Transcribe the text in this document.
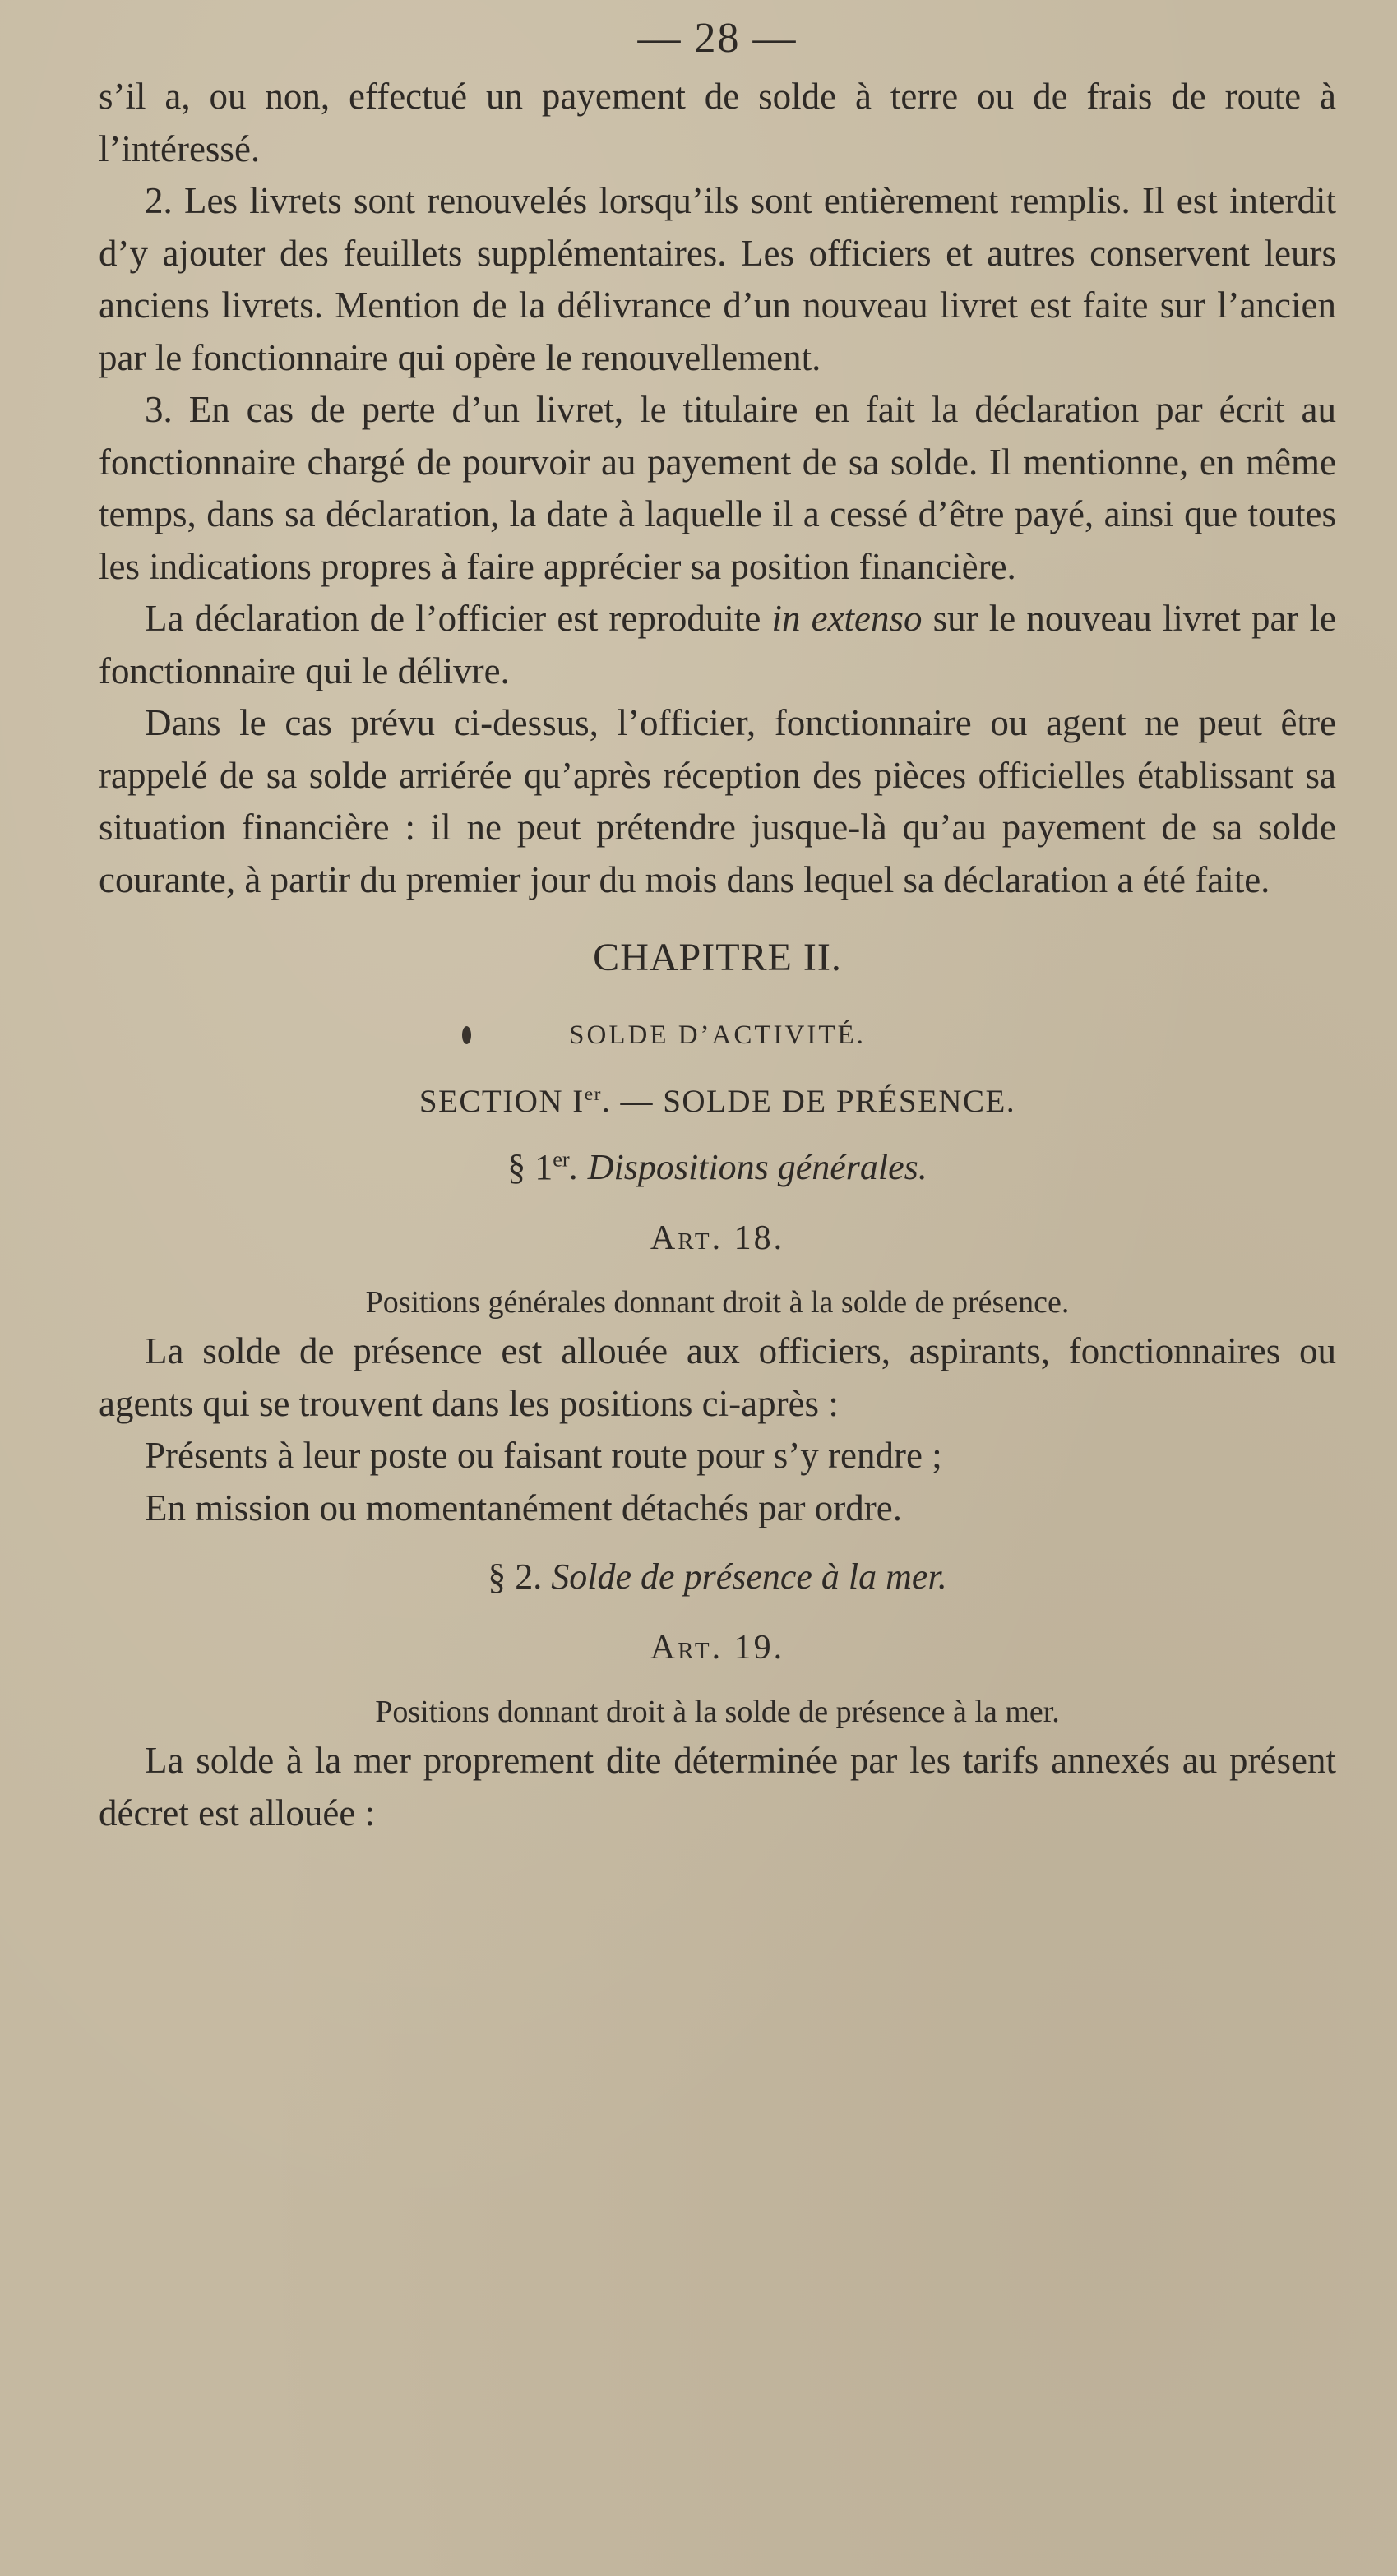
— 28 —

s’il a, ou non, effectué un payement de solde à terre ou de frais de route à l’intéressé.

2. Les livrets sont renouvelés lorsqu’ils sont entièrement remplis. Il est interdit d’y ajouter des feuillets supplémentaires. Les officiers et autres conservent leurs anciens livrets. Mention de la délivrance d’un nouveau livret est faite sur l’ancien par le fonctionnaire qui opère le renouvellement.

3. En cas de perte d’un livret, le titulaire en fait la déclaration par écrit au fonctionnaire chargé de pourvoir au payement de sa solde. Il mentionne, en même temps, dans sa déclaration, la date à laquelle il a cessé d’être payé, ainsi que toutes les indications propres à faire apprécier sa position financière.

La déclaration de l’officier est reproduite in extenso sur le nouveau livret par le fonctionnaire qui le délivre.

Dans le cas prévu ci-dessus, l’officier, fonctionnaire ou agent ne peut être rappelé de sa solde arriérée qu’après réception des pièces officielles établissant sa situation financière : il ne peut prétendre jusque-là qu’au payement de sa solde courante, à partir du premier jour du mois dans lequel sa déclaration a été faite.

CHAPITRE II.

SOLDE D’ACTIVITÉ.

SECTION Ier. — SOLDE DE PRÉSENCE.

§ 1er. Dispositions générales.

Art. 18.

Positions générales donnant droit à la solde de présence.

La solde de présence est allouée aux officiers, aspirants, fonctionnaires ou agents qui se trouvent dans les positions ci-après :

Présents à leur poste ou faisant route pour s’y rendre ;

En mission ou momentanément détachés par ordre.

§ 2. Solde de présence à la mer.

Art. 19.

Positions donnant droit à la solde de présence à la mer.

La solde à la mer proprement dite déterminée par les tarifs annexés au présent décret est allouée :
